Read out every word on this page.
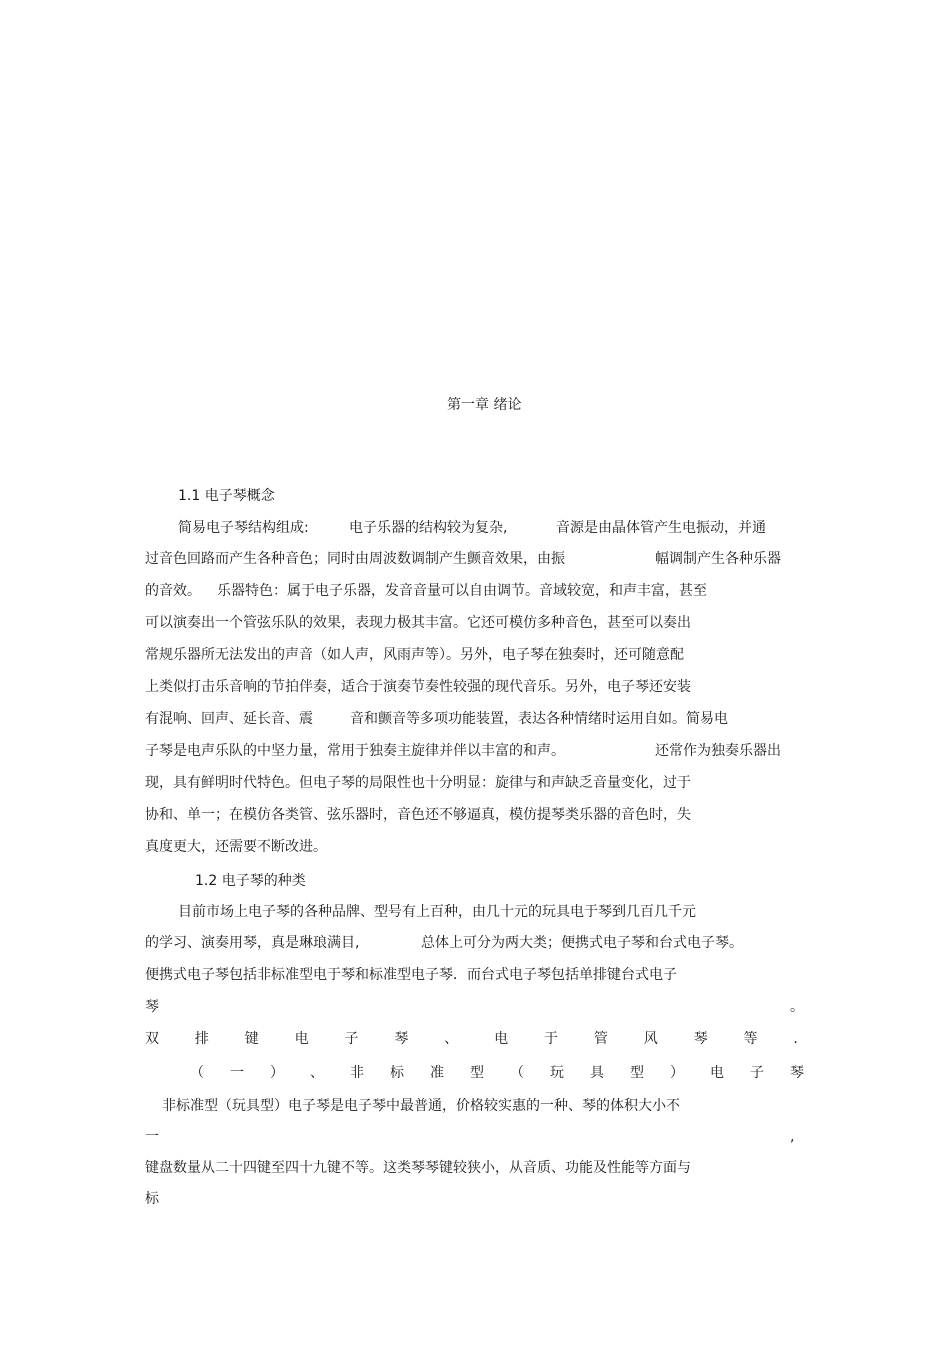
第一章 绪论
1.1 电子琴概念
简易电子琴结构组成:	电子乐器的结构较为复杂,	音源是由晶体管产生电振动，并通
过音色回路而产生各种音色；同时由周波数调制产生颤音效果，由振	幅调制产生各种乐器
的音效。 乐器特色：属于电子乐器，发音音量可以自由调节。音域较宽，和声丰富，甚至
可以演奏出一个管弦乐队的效果，表现力极其丰富。它还可模仿多种音色，甚至可以奏出
常规乐器所无法发出的声音（如人声，风雨声等）。另外，电子琴在独奏时，还可随意配
上类似打击乐音响的节拍伴奏，适合于演奏节奏性较强的现代音乐。另外，电子琴还安装
有混响、回声、延长音、震	音和颤音等多项功能装置，表达各种情绪时运用自如。简易电
子琴是电声乐队的中坚力量，常用于独奏主旋律并伴以丰富的和声。	还常作为独奏乐器出
现，具有鲜明时代特色。但电子琴的局限性也十分明显：旋律与和声缺乏音量变化，过于
协和、单一；在模仿各类管、弦乐器时，音色还不够逼真，模仿提琴类乐器的音色时，失
真度更大，还需要不断改进。
1.2 电子琴的种类
目前市场上电子琴的各种品牌、型号有上百种，由几十元的玩具电于琴到几百几千元
的学习、演奏用琴，真是琳琅满目,	总体上可分为两大类；便携式电子琴和台式电子琴。
便携式电子琴包括非标准型电于琴和标准型电子琴．而台式电子琴包括单排键台式电子
琴	。
双	排	键	电	子	琴	、	电	于	管	风	琴	等	.
（ 一 ） 、 非 标 准 型 （ 玩 具 型 ） 电 子 琴
非标准型（玩具型）电子琴是电子琴中最普通，价格较实惠的一种、琴的体积大小不
一	,
键盘数量从二十四键至四十九键不等。这类琴琴键较狭小，从音质、功能及性能等方面与
标
